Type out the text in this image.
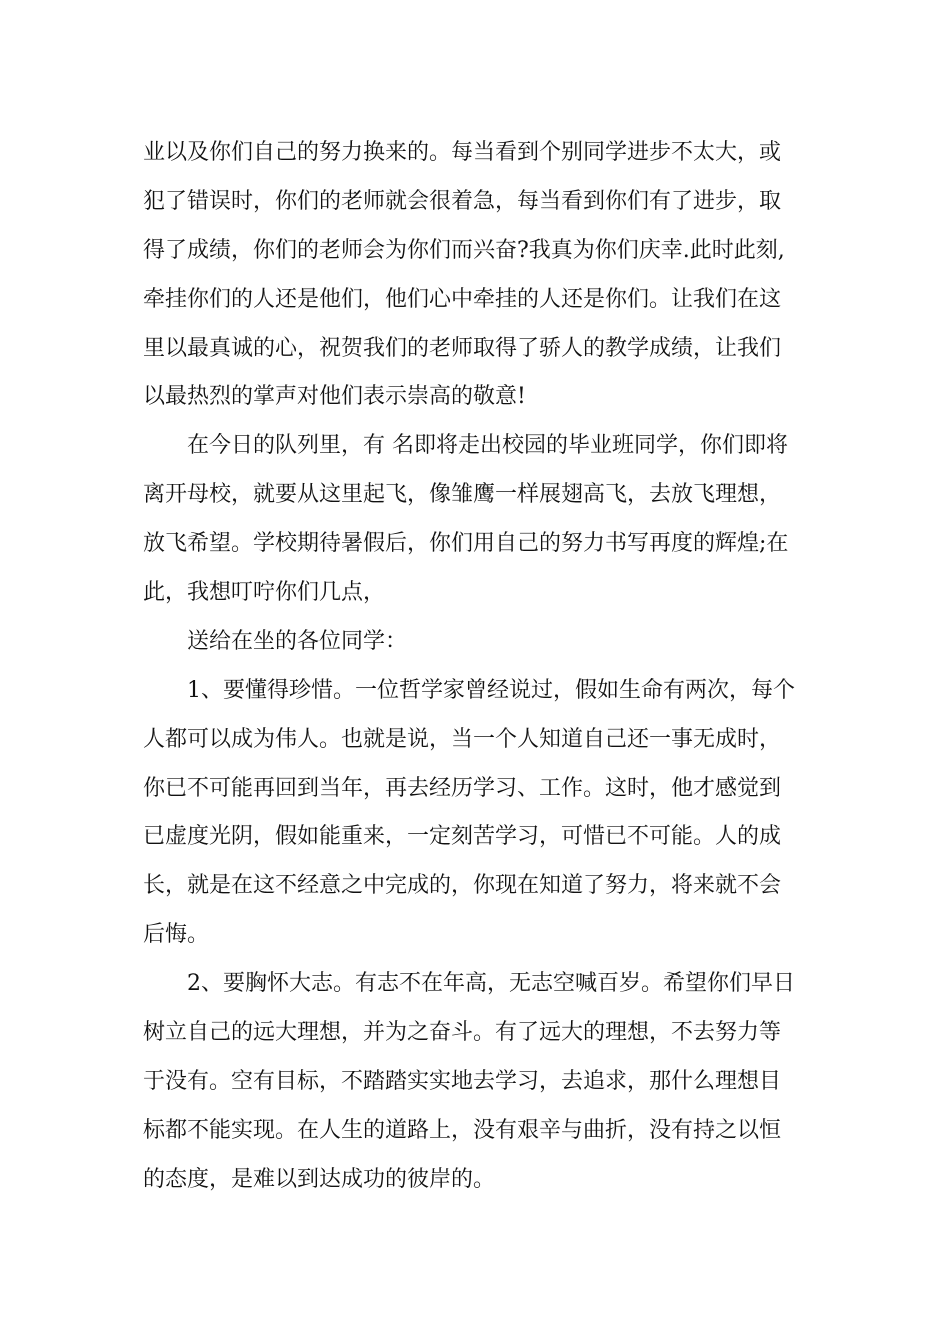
业以及你们自己的努力换来的。每当看到个别同学进步不太大，或
犯了错误时，你们的老师就会很着急，每当看到你们有了进步，取
得了成绩，你们的老师会为你们而兴奋?我真为你们庆幸.此时此刻,
牵挂你们的人还是他们，他们心中牵挂的人还是你们。让我们在这
里以最真诚的心，祝贺我们的老师取得了骄人的教学成绩，让我们
以最热烈的掌声对他们表示崇高的敬意!
在今日的队列里，有 名即将走出校园的毕业班同学，你们即将
离开母校，就要从这里起飞，像雏鹰一样展翅高飞，去放飞理想，
放飞希望。学校期待暑假后，你们用自己的努力书写再度的辉煌;在
此，我想叮咛你们几点，
送给在坐的各位同学：
1、要懂得珍惜。一位哲学家曾经说过，假如生命有两次，每个
人都可以成为伟人。也就是说，当一个人知道自己还一事无成时，
你已不可能再回到当年，再去经历学习、工作。这时，他才感觉到
已虚度光阴，假如能重来，一定刻苦学习，可惜已不可能。人的成
长，就是在这不经意之中完成的，你现在知道了努力，将来就不会
后悔。
2、要胸怀大志。有志不在年高，无志空喊百岁。希望你们早日
树立自己的远大理想，并为之奋斗。有了远大的理想，不去努力等
于没有。空有目标，不踏踏实实地去学习，去追求，那什么理想目
标都不能实现。在人生的道路上，没有艰辛与曲折，没有持之以恒
的态度，是难以到达成功的彼岸的。
